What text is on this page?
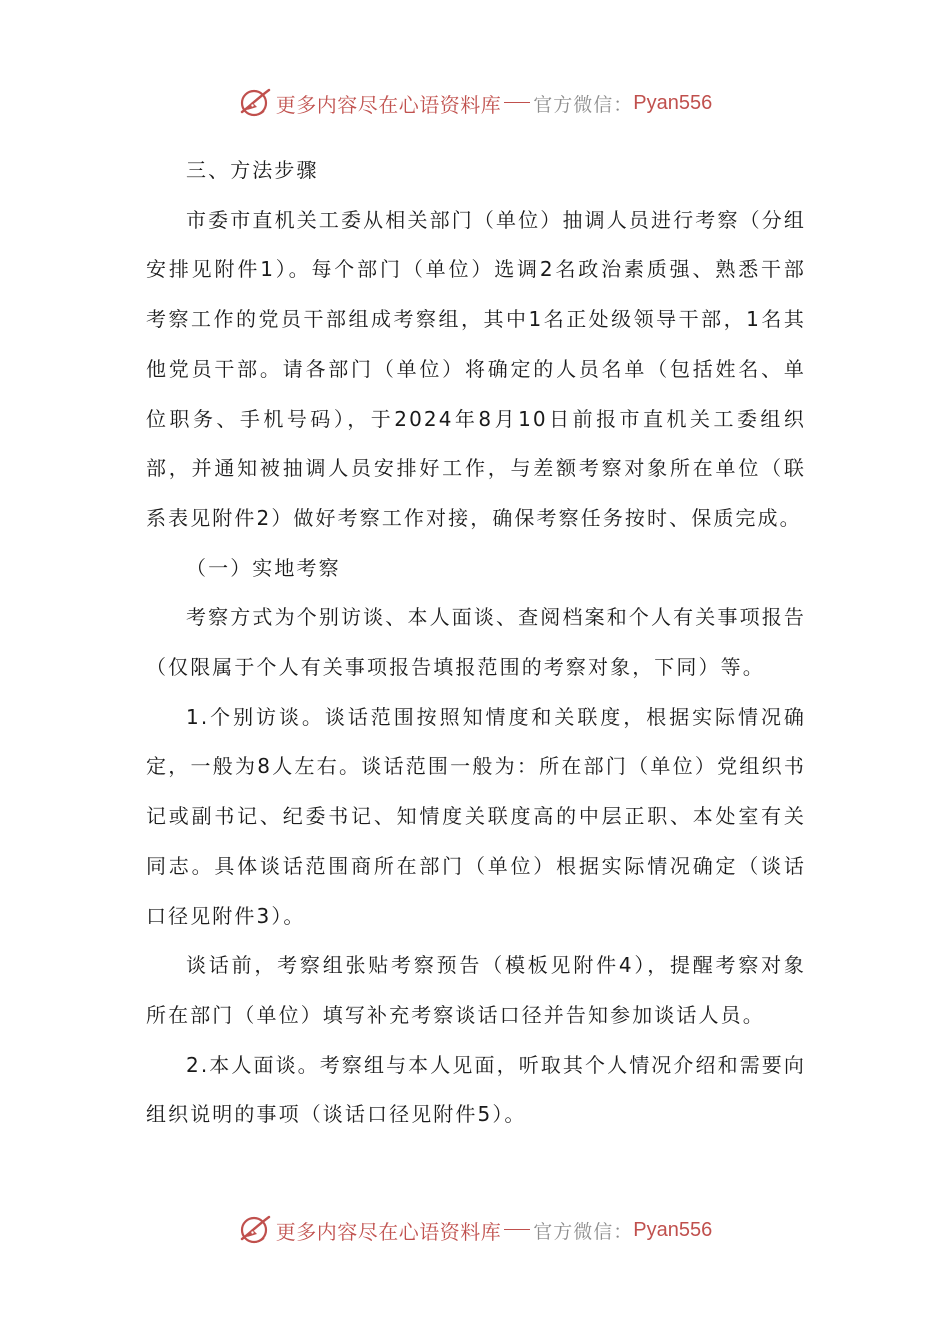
更多内容尽在心语资料库 官方微信： Pyan556

三、方法步骤

市委市直机关工委从相关部门（单位）抽调人员进行考察（分组安排见附件1）。每个部门（单位）选调2名政治素质强、熟悉干部考察工作的党员干部组成考察组，其中1名正处级领导干部，1名其他党员干部。请各部门（单位）将确定的人员名单（包括姓名、单位职务、手机号码），于2024年8月10日前报市直机关工委组织部，并通知被抽调人员安排好工作，与差额考察对象所在单位（联系表见附件2）做好考察工作对接，确保考察任务按时、保质完成。

（一）实地考察

考察方式为个别访谈、本人面谈、查阅档案和个人有关事项报告（仅限属于个人有关事项报告填报范围的考察对象，下同）等。

1.个别访谈。谈话范围按照知情度和关联度，根据实际情况确定，一般为8人左右。谈话范围一般为：所在部门（单位）党组织书记或副书记、纪委书记、知情度关联度高的中层正职、本处室有关同志。具体谈话范围商所在部门（单位）根据实际情况确定（谈话口径见附件3）。

谈话前，考察组张贴考察预告（模板见附件4），提醒考察对象所在部门（单位）填写补充考察谈话口径并告知参加谈话人员。

2.本人面谈。考察组与本人见面，听取其个人情况介绍和需要向组织说明的事项（谈话口径见附件5）。

更多内容尽在心语资料库 官方微信： Pyan556
